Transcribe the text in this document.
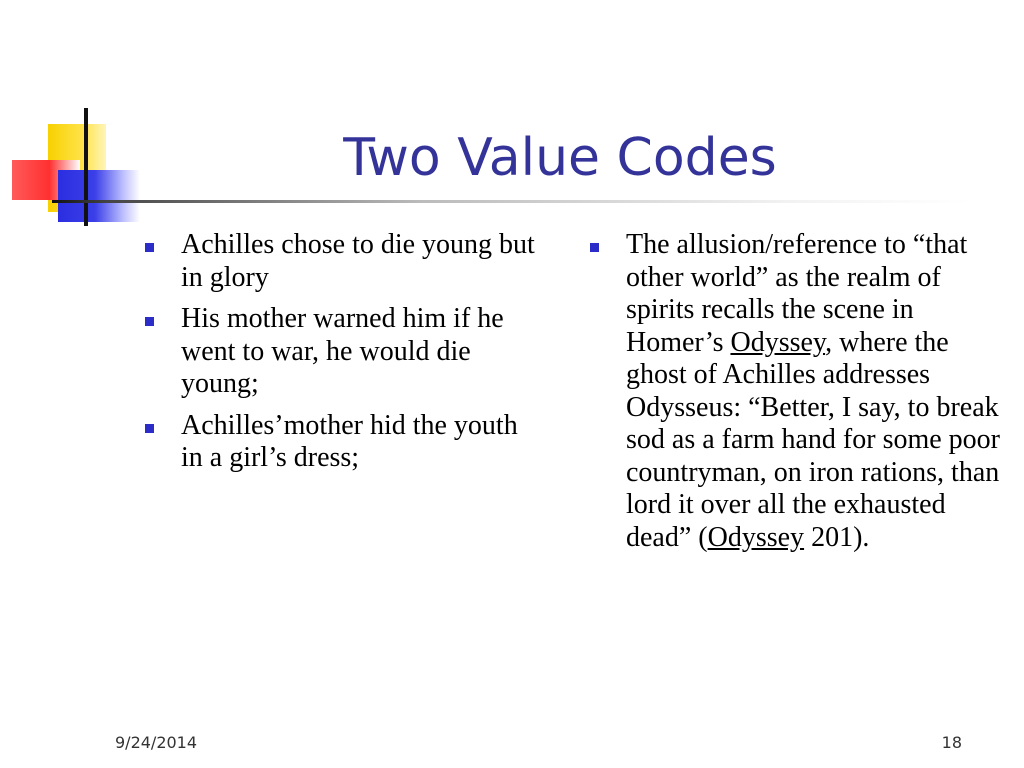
Two Value Codes
Achilles chose to die young but in glory
His mother warned him if he went to war, he would die young;
Achilles’mother hid the youth in a girl’s dress;
The allusion/reference to “that other world” as the realm of spirits recalls the scene in Homer’s Odyssey, where the ghost of Achilles addresses Odysseus: “Better, I say, to break sod as a farm hand for some poor countryman, on iron rations, than lord it over all the exhausted dead” (Odyssey 201).
9/24/2014	18
